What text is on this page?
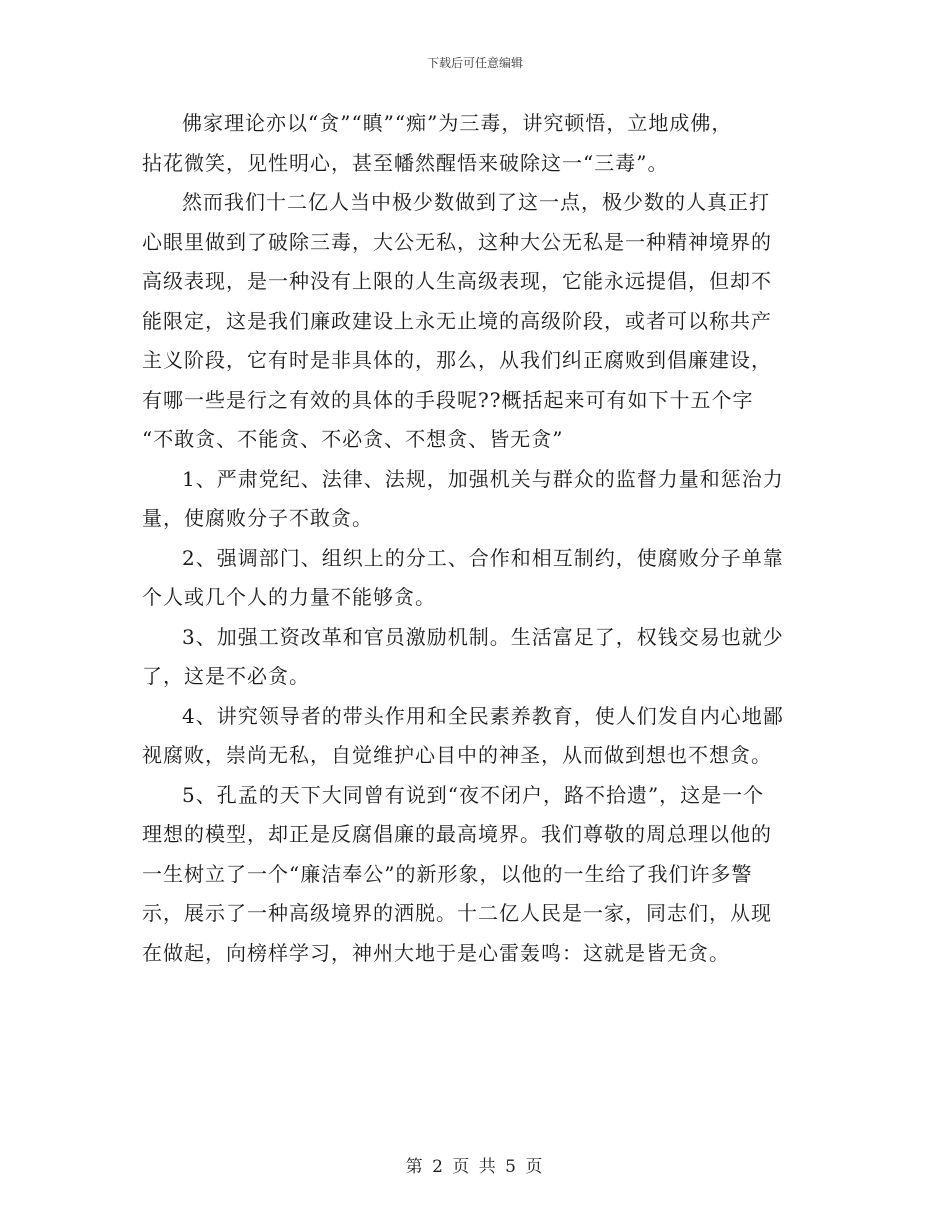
下载后可任意编辑

佛家理论亦以“贪”“瞋”“痴”为三毒，讲究顿悟，立地成佛，
拈花微笑，见性明心，甚至幡然醒悟来破除这一“三毒”。

然而我们十二亿人当中极少数做到了这一点，极少数的人真正打
心眼里做到了破除三毒，大公无私，这种大公无私是一种精神境界的
高级表现，是一种没有上限的人生高级表现，它能永远提倡，但却不
能限定，这是我们廉政建设上永无止境的高级阶段，或者可以称共产
主义阶段，它有时是非具体的，那么，从我们纠正腐败到倡廉建设，
有哪一些是行之有效的具体的手段呢??概括起来可有如下十五个字
“不敢贪、不能贪、不必贪、不想贪、皆无贪”

1、严肃党纪、法律、法规，加强机关与群众的监督力量和惩治力
量，使腐败分子不敢贪。

2、强调部门、组织上的分工、合作和相互制约，使腐败分子单靠
个人或几个人的力量不能够贪。

3、加强工资改革和官员激励机制。生活富足了，权钱交易也就少
了，这是不必贪。

4、讲究领导者的带头作用和全民素养教育，使人们发自内心地鄙
视腐败，崇尚无私，自觉维护心目中的神圣，从而做到想也不想贪。

5、孔孟的天下大同曾有说到“夜不闭户，路不拾遗”，这是一个
理想的模型，却正是反腐倡廉的最高境界。我们尊敬的周总理以他的
一生树立了一个“廉洁奉公”的新形象，以他的一生给了我们许多警
示，展示了一种高级境界的洒脱。十二亿人民是一家，同志们，从现
在做起，向榜样学习，神州大地于是心雷轰鸣：这就是皆无贪。

第 2 页 共 5 页
